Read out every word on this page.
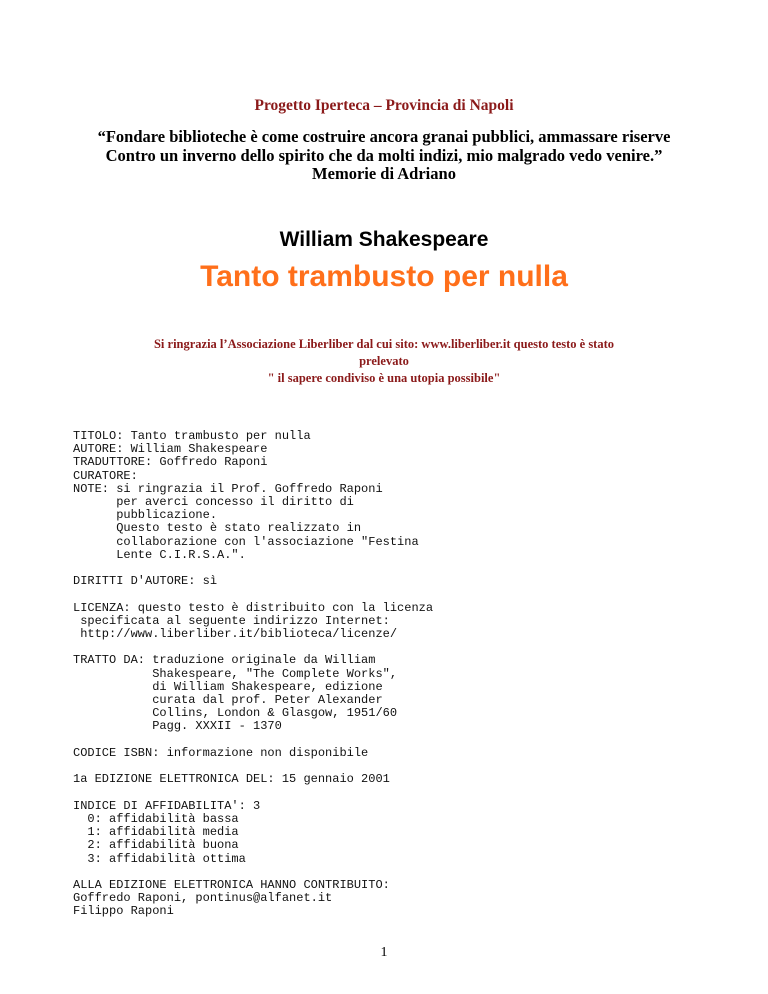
Progetto Iperteca – Provincia di Napoli
“Fondare biblioteche è come costruire ancora granai pubblici, ammassare riserve
Contro un inverno dello spirito che da molti indizi, mio malgrado vedo venire.”
Memorie di Adriano
William Shakespeare
Tanto trambusto per nulla
Si ringrazia l’Associazione Liberliber dal cui sito: www.liberliber.it questo testo è stato
prelevato
" il sapere condiviso è una utopia possibile"
TITOLO: Tanto trambusto per nulla
AUTORE: William Shakespeare
TRADUTTORE: Goffredo Raponi
CURATORE:
NOTE: si ringrazia il Prof. Goffredo Raponi
per averci concesso il diritto di
pubblicazione.
Questo testo è stato realizzato in
collaborazione con l'associazione "Festina
Lente C.I.R.S.A.".

DIRITTI D'AUTORE: sì

LICENZA: questo testo è distribuito con la licenza
specificata al seguente indirizzo Internet:
http://www.liberliber.it/biblioteca/licenze/

TRATTO DA: traduzione originale da William
Shakespeare, "The Complete Works",
di William Shakespeare, edizione
curata dal prof. Peter Alexander
Collins, London & Glasgow, 1951/60
Pagg. XXXII - 1370

CODICE ISBN: informazione non disponibile

1a EDIZIONE ELETTRONICA DEL: 15 gennaio 2001

INDICE DI AFFIDABILITA': 3
0: affidabilità bassa
1: affidabilità media
2: affidabilità buona
3: affidabilità ottima

ALLA EDIZIONE ELETTRONICA HANNO CONTRIBUITO:
Goffredo Raponi, pontinus@alfanet.it
Filippo Raponi
1
